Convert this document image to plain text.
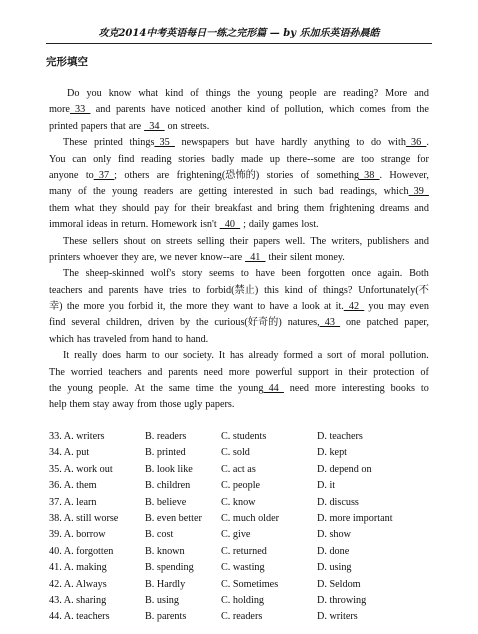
攻克2014中考英语每日一练之完形篇 — by 乐加乐英语孙晨皓
完形填空
Do you know what kind of things the young people are reading? More and
more_33_ and parents have noticed another kind of pollution, which comes from the
printed papers that are _34_ on streets.
These printed things_35_ newspapers but have hardly anything to do with_36_.
You can only find reading stories badly made up there--some are too strange for
anyone to_37_; others are frightening(恐怖的) stories of something_38_. However,
many of the young readers are getting interested in such bad readings, which_39_
them what they should pay for their breakfast and bring them frightening dreams and
immoral ideas in return. Homework isn't _40_ ; daily games lost.
These sellers shout on streets selling their papers well. The writers, publishers and
printers whoever they are, we never know--are _41_ their silent money.
The sheep-skinned wolf's story seems to have been forgotten once again. Both
teachers and parents have tries to forbid(禁止) this kind of things? Unfortunately(不
幸) the more you forbid it, the more they want to have a look at it._42_ you may even
find several children, driven by the curious(好奇的) natures,_43_ one patched paper,
which has traveled from hand to hand.
It really does harm to our society. It has already formed a sort of moral pollution.
The worried teachers and parents need more powerful support in their protection of
the young people. At the same time the young_44_ need more interesting books to
help them stay away from those ugly papers.
33. A. writers	B. readers	C. students	D. teachers
34. A. put	B. printed	C. sold	D. kept
35. A. work out	B. look like	C. act as	D. depend on
36. A. them	B. children	C. people	D. it
37. A. learn	B. believe	C. know	D. discuss
38. A. still worse	B. even better C. much older	D. more important
39. A. borrow	B. cost	C. give	D. show
40. A. forgotten	B. known	C. returned	D. done
41. A. making	B. spending	C. wasting	D. using
42. A. Always	B. Hardly	C. Sometimes	D. Seldom
43. A. sharing	B. using	C. holding	D. throwing
44. A. teachers	B. parents	C. readers	D. writers
